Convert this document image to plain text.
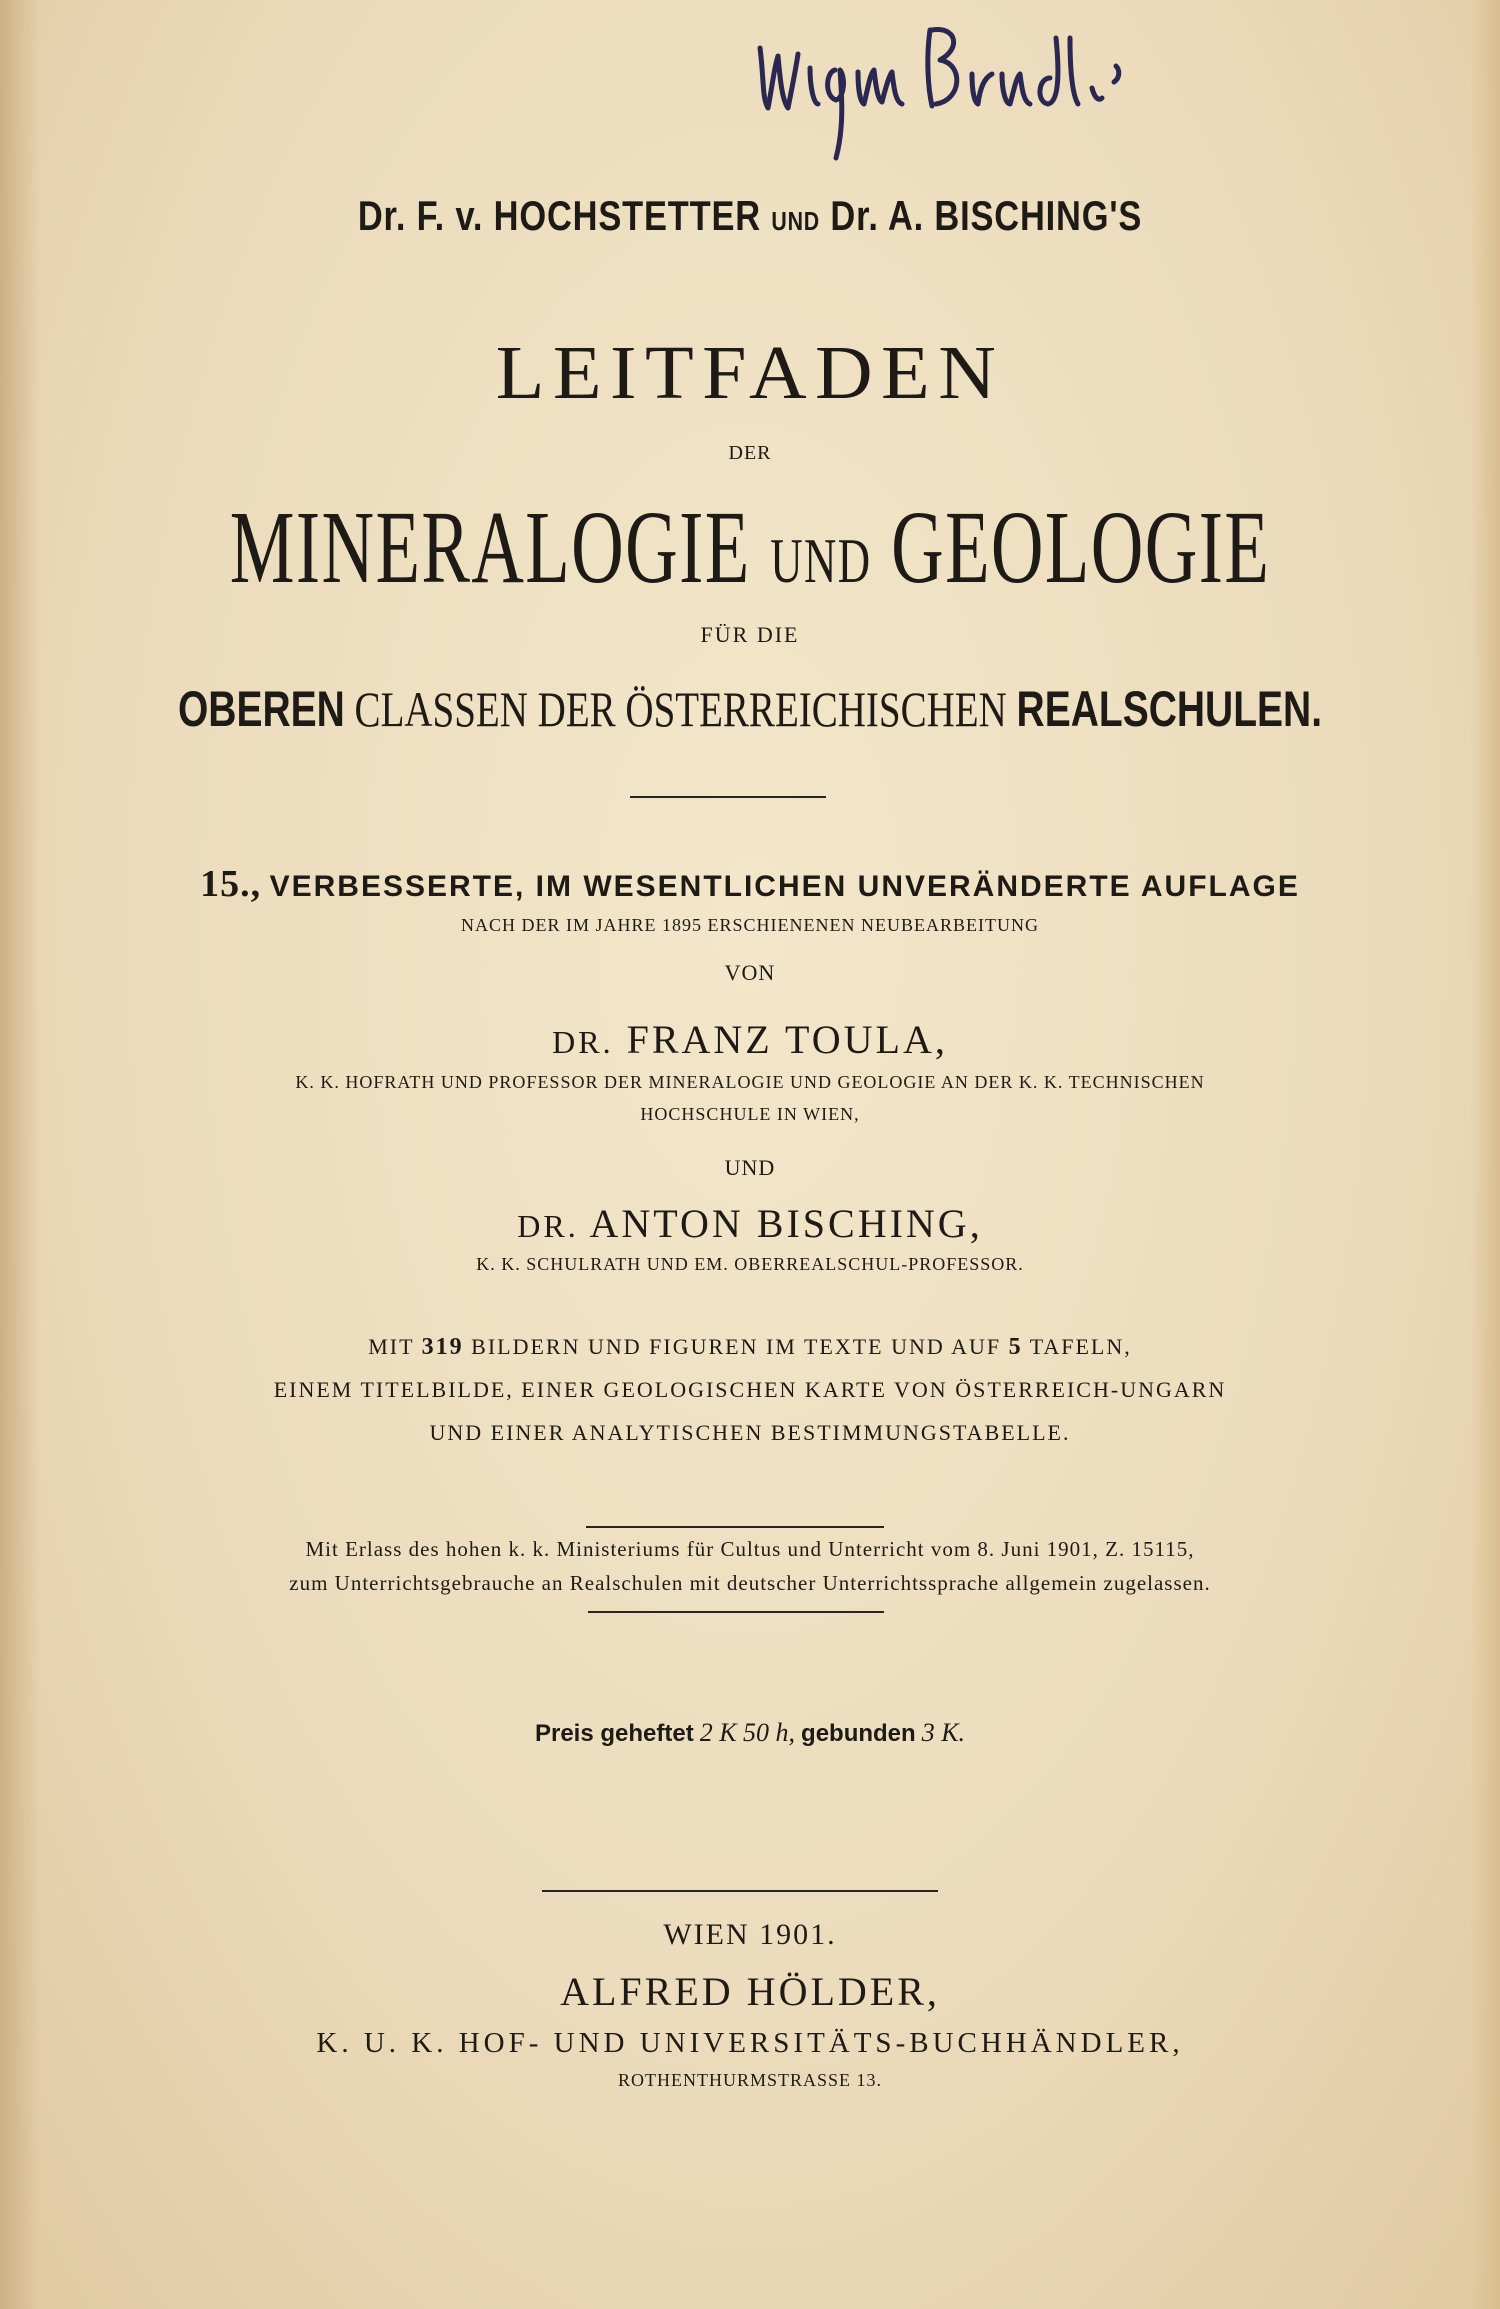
Dr. F. v. HOCHSTETTER UND Dr. A. BISCHING'S
LEITFADEN
DER
MINERALOGIE UND GEOLOGIE
FÜR DIE
OBEREN CLASSEN DER ÖSTERREICHISCHEN REALSCHULEN.
15., VERBESSERTE, IM WESENTLICHEN UNVERÄNDERTE AUFLAGE
NACH DER IM JAHRE 1895 ERSCHIENENEN NEUBEARBEITUNG
VON
DR. FRANZ TOULA,
K. K. HOFRATH UND PROFESSOR DER MINERALOGIE UND GEOLOGIE AN DER K. K. TECHNISCHEN
HOCHSCHULE IN WIEN,
UND
DR. ANTON BISCHING,
K. K. SCHULRATH UND EM. OBERREALSCHUL-PROFESSOR.
MIT 319 BILDERN UND FIGUREN IM TEXTE UND AUF 5 TAFELN,
EINEM TITELBILDE, EINER GEOLOGISCHEN KARTE VON ÖSTERREICH-UNGARN
UND EINER ANALYTISCHEN BESTIMMUNGSTABELLE.
Mit Erlass des hohen k. k. Ministeriums für Cultus und Unterricht vom 8. Juni 1901, Z. 15115,
zum Unterrichtsgebrauche an Realschulen mit deutscher Unterrichtssprache allgemein zugelassen.
Preis geheftet 2 K 50 h, gebunden 3 K.
WIEN 1901.
ALFRED HÖLDER,
K. U. K. HOF- UND UNIVERSITÄTS-BUCHHÄNDLER,
ROTHENTHURMSTRASSE 13.
